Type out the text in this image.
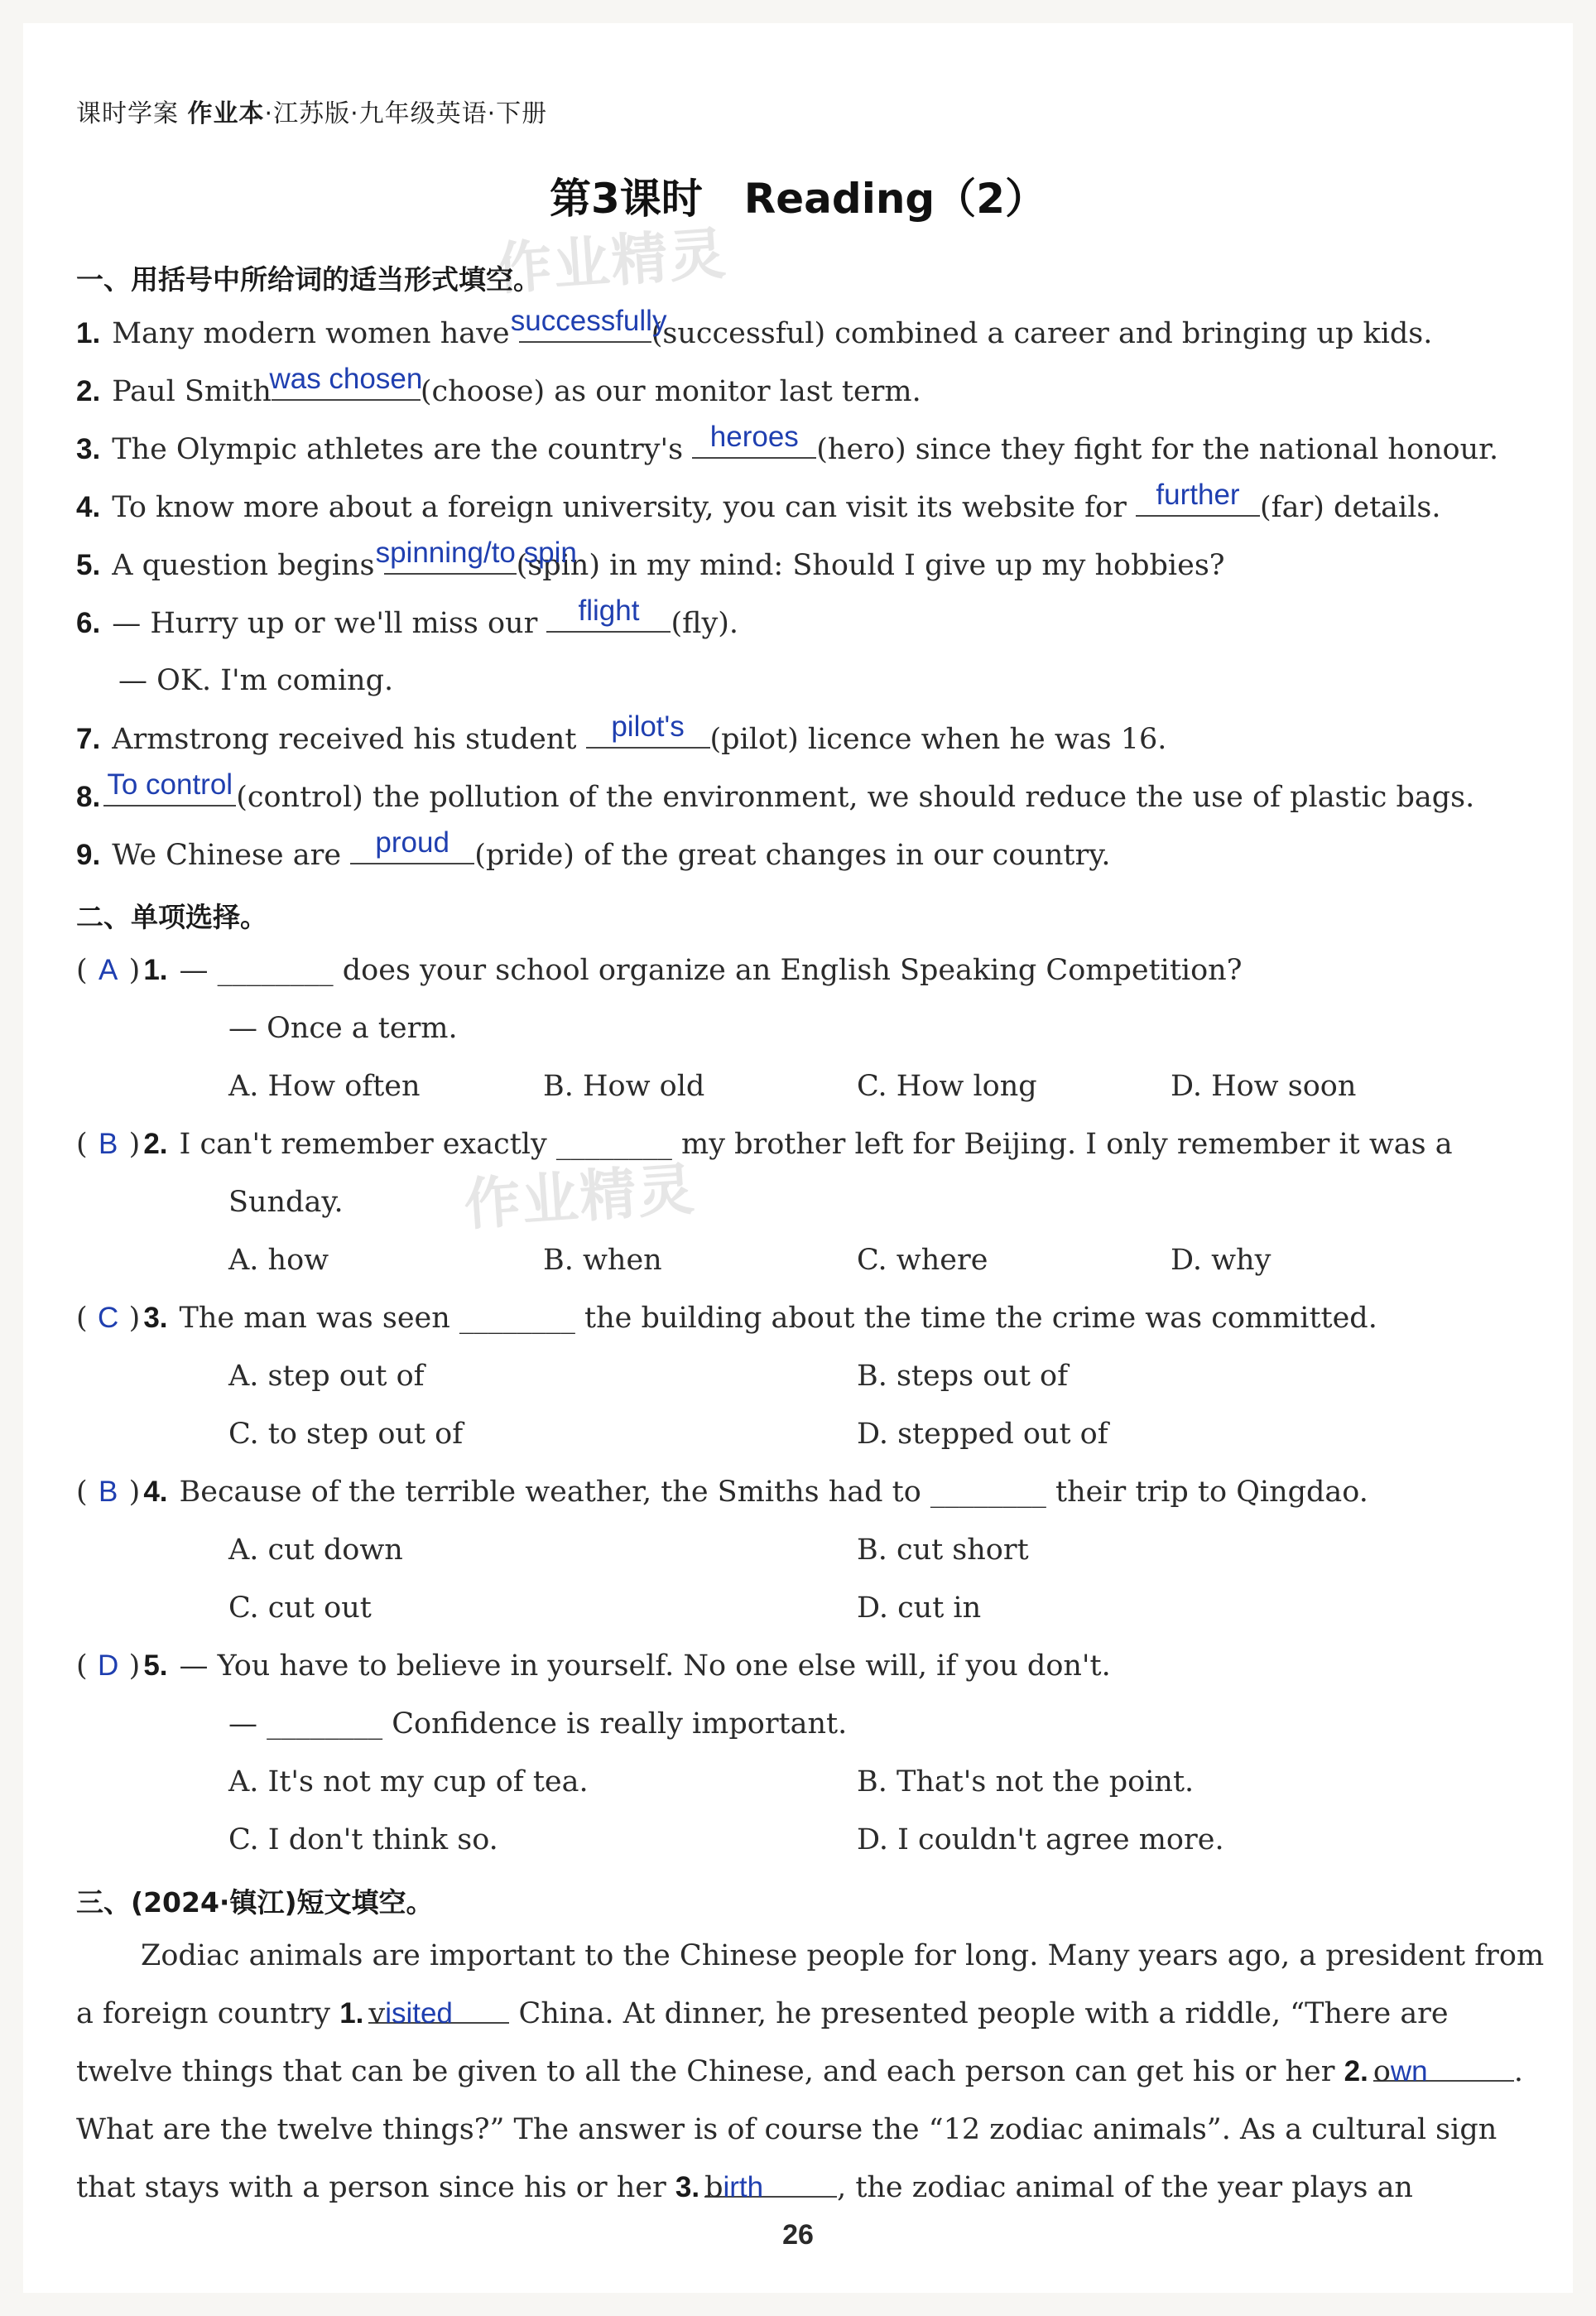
课时学案 作业本·江苏版·九年级英语·下册
第3课时　Reading（2）
作业精灵
作业精灵
一、用括号中所给词的适当形式填空。
1. Many modern women have successfully
(successful) combined a career and bringing up kids.
2. Paul Smith
was chosen
(choose) as our monitor last term.
3. The Olympic athletes are the country's heroes (hero) since they fight for the national honour.
4. To know more about a foreign university, you can visit its website for	further (far) details.
5. A question begins spinning/to spin
(spin) in my mind: Should I give up my hobbies?
6. — Hurry up or we'll miss our	flight	(fly).
— OK. I'm coming.
7. Armstrong received his student	pilot's (pilot) licence when he was 16.
8. To control (control) the pollution of the environment, we should reduce the use of plastic bags.
9. We Chinese are	proud (pride) of the great changes in our country.
二、单项选择。
( A ) 1. — ________ does your school organize an English Speaking Competition?
— Once a term.
A. How often	B. How old	C. How long	D. How soon
( B ) 2. I can't remember exactly ________ my brother left for Beijing. I only remember it was a
Sunday.
A. how	B. when	C. where	D. why
( C ) 3. The man was seen ________ the building about the time the crime was committed.
A. step out of	B. steps out of
C. to step out of	D. stepped out of
( B ) 4. Because of the terrible weather, the Smiths had to ________ their trip to Qingdao.
A. cut down	B. cut short
C. cut out	D. cut in
( D ) 5. — You have to believe in yourself. No one else will, if you don't.
— ________ Confidence is really important.
A. It's not my cup of tea.	B. That's not the point.
C. I don't think so.	D. I couldn't agree more.
三、(2024·镇江)短文填空。
Zodiac animals are important to the Chinese people for long. Many years ago, a president from
a foreign country 1. visited China. At dinner, he presented people with a riddle, “There are
twelve things that can be given to all the Chinese, and each person can get his or her 2. own
What are the twelve things?” The answer is of course the “12 zodiac animals”. As a cultural sign
that stays with a person since his or her 3. birth	, the zodiac animal of the year plays an
26
